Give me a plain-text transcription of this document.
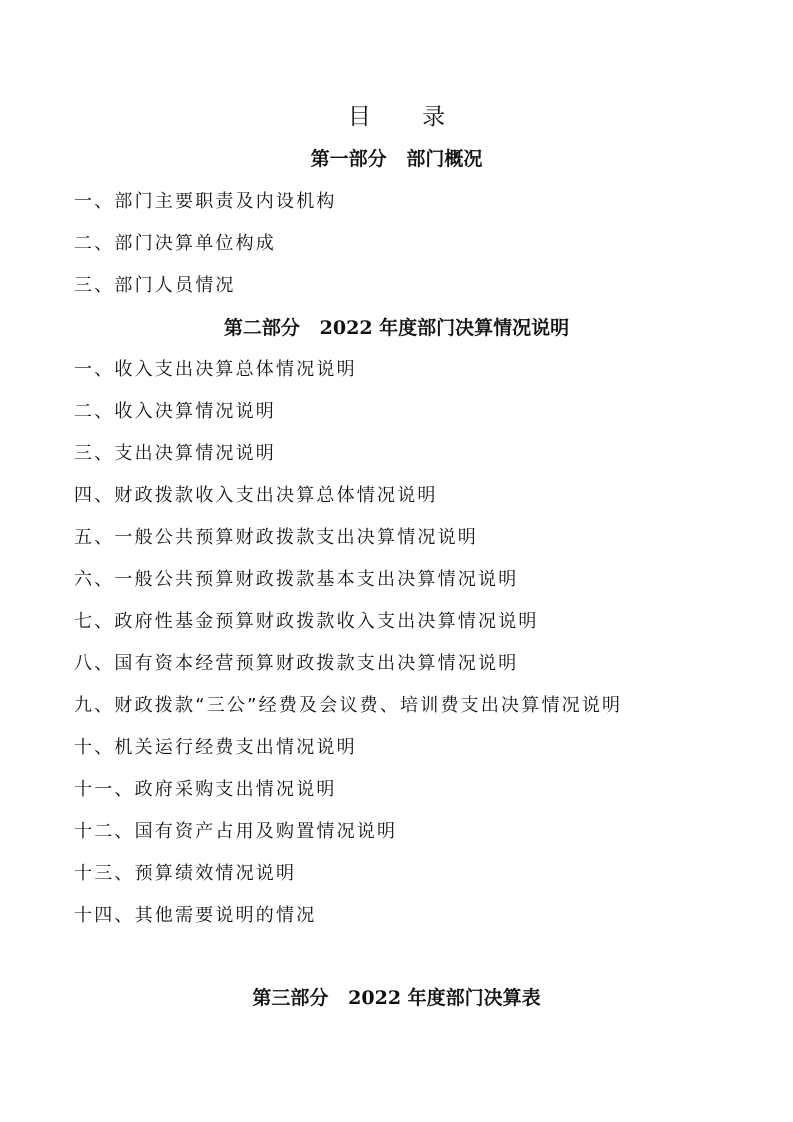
目 录
第一部分   部门概况
一、部门主要职责及内设机构
二、部门决算单位构成
三、部门人员情况
第二部分   2022 年度部门决算情况说明
一、收入支出决算总体情况说明
二、收入决算情况说明
三、支出决算情况说明
四、财政拨款收入支出决算总体情况说明
五、一般公共预算财政拨款支出决算情况说明
六、一般公共预算财政拨款基本支出决算情况说明
七、政府性基金预算财政拨款收入支出决算情况说明
八、国有资本经营预算财政拨款支出决算情况说明
九、财政拨款“三公”经费及会议费、培训费支出决算情况说明
十、机关运行经费支出情况说明
十一、政府采购支出情况说明
十二、国有资产占用及购置情况说明
十三、预算绩效情况说明
十四、其他需要说明的情况
第三部分   2022 年度部门决算表
